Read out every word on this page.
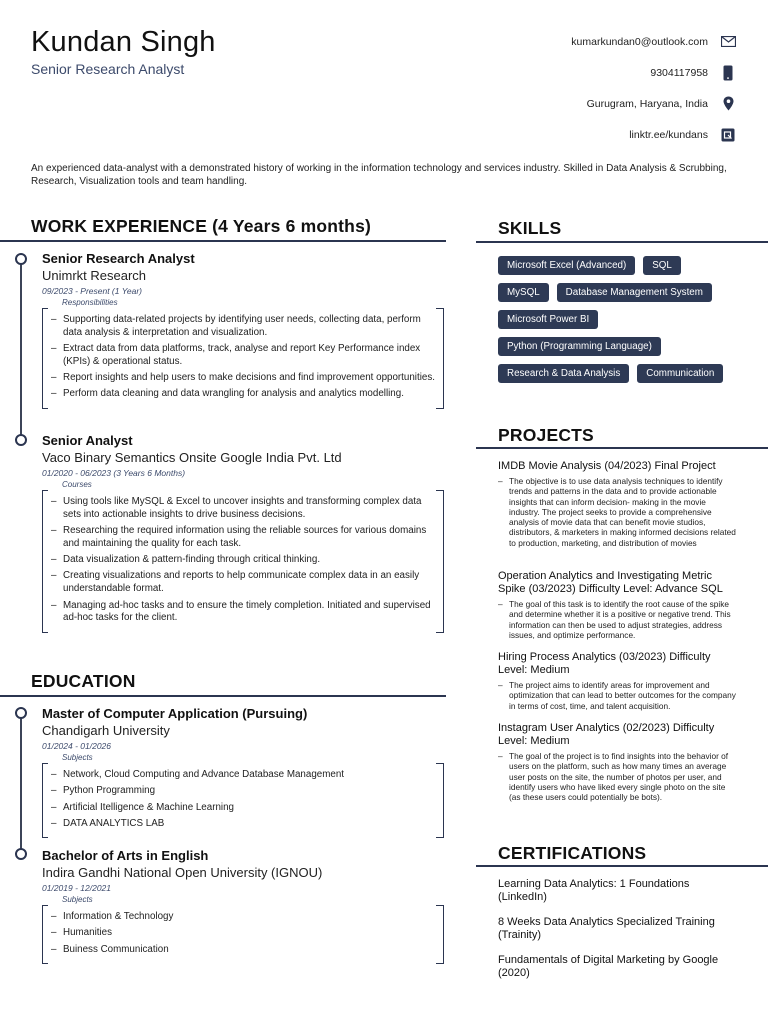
Kundan Singh
Senior Research Analyst
kumarkundan0@outlook.com
9304117958
Gurugram, Haryana, India
linktr.ee/kundans
An experienced data-analyst with a demonstrated history of working in the information technology and services industry. Skilled in Data Analysis & Scrubbing, Research, Visualization tools and team handling.
WORK EXPERIENCE (4 Years 6 months)
Senior Research Analyst
Unimrkt Research
09/2023 - Present (1 Year)
Responsibilities
– Supporting data-related projects by identifying user needs, collecting data, perform data analysis & interpretation and visualization.
– Extract data from data platforms, track, analyse and report Key Performance index (KPIs) & operational status.
– Report insights and help users to make decisions and find improvement opportunities.
– Perform data cleaning and data wrangling for analysis and analytics modelling.
Senior Analyst
Vaco Binary Semantics Onsite Google India Pvt. Ltd
01/2020 - 06/2023 (3 Years 6 Months)
Courses
– Using tools like MySQL & Excel to uncover insights and transforming complex data sets into actionable insights to drive business decisions.
– Researching the required information using the reliable sources for various domains and maintaining the quality for each task.
– Data visualization & pattern-finding through critical thinking.
– Creating visualizations and reports to help communicate complex data in an easily understandable format.
– Managing ad-hoc tasks and to ensure the timely completion. Initiated and supervised ad-hoc tasks for the client.
EDUCATION
Master of Computer Application (Pursuing)
Chandigarh University
01/2024 - 01/2026
Subjects
– Network, Cloud Computing and Advance Database Management
– Python Programming
– Artificial Itelligence & Machine Learning
– DATA ANALYTICS LAB
Bachelor of Arts in English
Indira Gandhi National Open University (IGNOU)
01/2019 - 12/2021
Subjects
– Information & Technology
– Humanities
– Buiness Communication
SKILLS
Microsoft Excel (Advanced)	SQL
MySQL	Database Management System
Microsoft Power BI
Python (Programming Language)
Research & Data Analysis	Communication
PROJECTS
IMDB Movie Analysis (04/2023) Final Project
– The objective is to use data analysis techniques to identify trends and patterns in the data and to provide actionable insights that can inform decision- making in the movie industry. The project seeks to provide a comprehensive analysis of movie data that can benefit movie studios, distributors, & marketers in making informed decisions related to production, marketing, and distribution of movies
Operation Analytics and Investigating Metric Spike (03/2023) Difficulty Level: Advance SQL
– The goal of this task is to identify the root cause of the spike and determine whether it is a positive or negative trend. This information can then be used to adjust strategies, address issues, and optimize performance.
Hiring Process Analytics (03/2023) Difficulty Level: Medium
– The project aims to identify areas for improvement and optimization that can lead to better outcomes for the company in terms of cost, time, and talent acquisition.
Instagram User Analytics (02/2023) Difficulty Level: Medium
– The goal of the project is to find insights into the behavior of users on the platform, such as how many times an average user posts on the site, the number of photos per user, and identify users who have liked every single photo on the site (as these users could potentially be bots).
CERTIFICATIONS
Learning Data Analytics: 1 Foundations (LinkedIn)
8 Weeks Data Analytics Specialized Training (Trainity)
Fundamentals of Digital Marketing by Google (2020)
